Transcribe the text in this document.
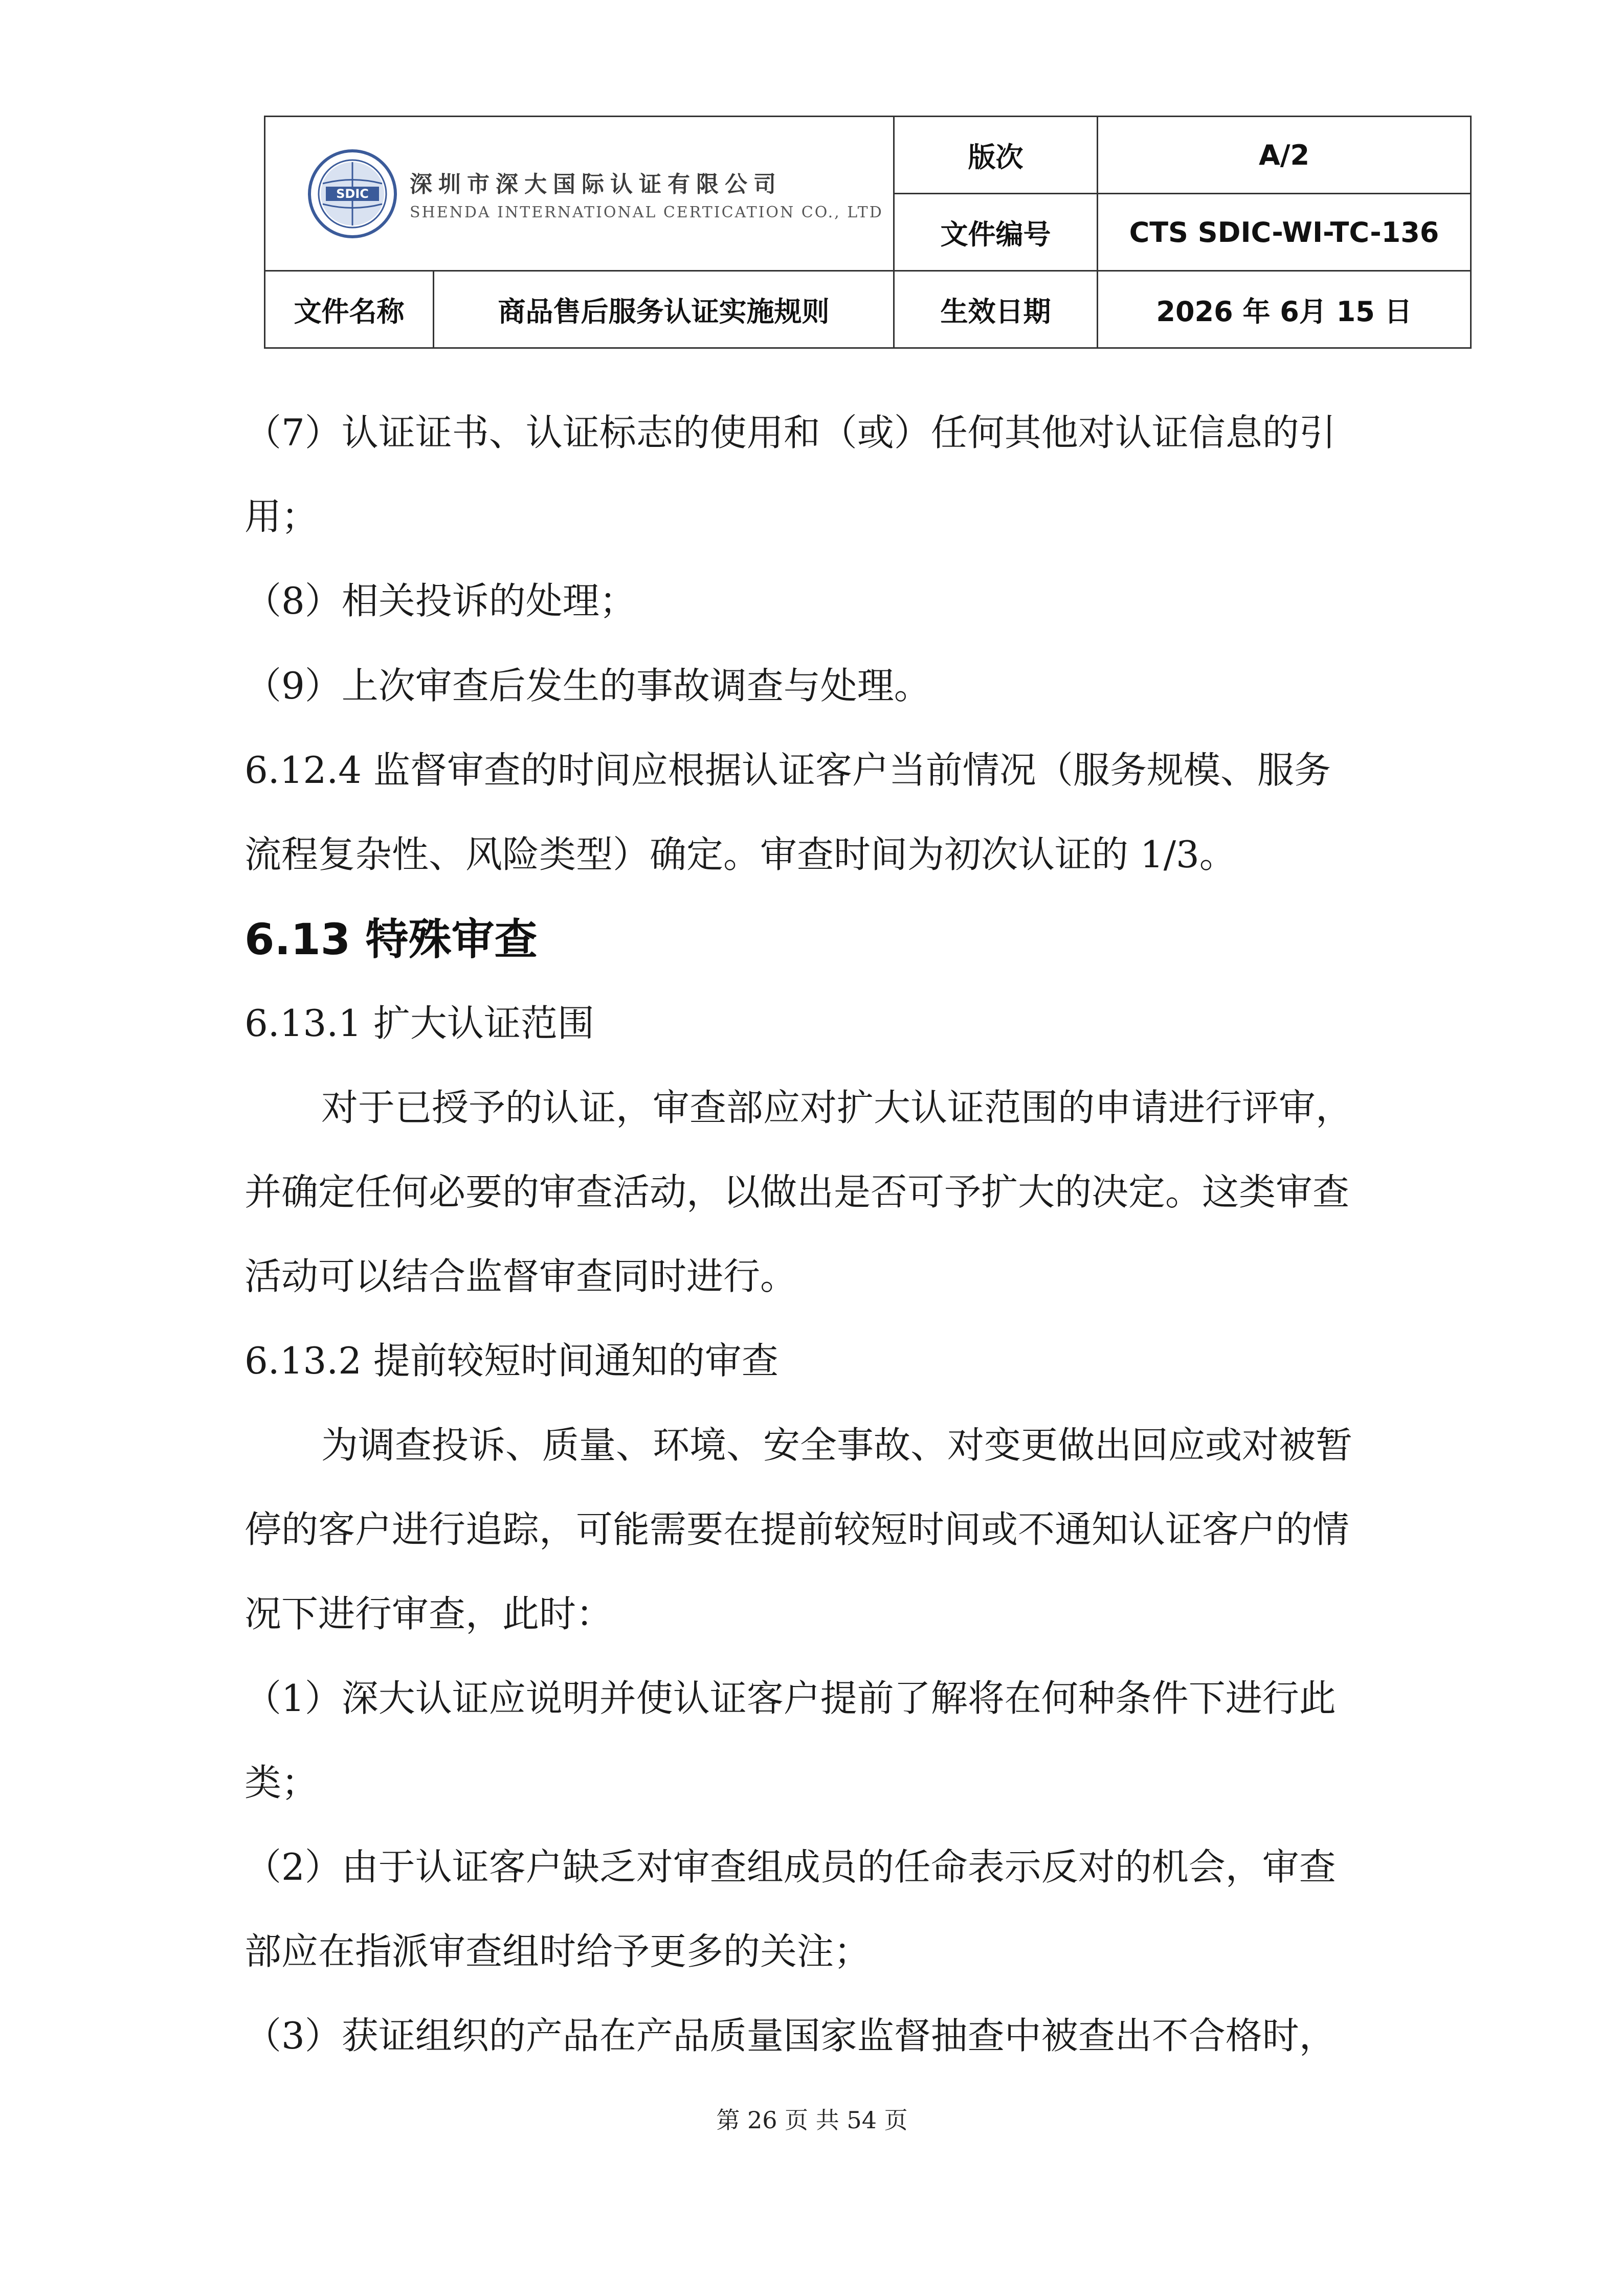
SDIC 深圳市深大国际认证有限公司
SHENDA INTERNATIONAL CERTICATION CO., LTD		版次	A/2
		文件编号	CTS SDIC-WI-TC-136
文件名称	商品售后服务认证实施规则	生效日期	2026 年 6月 15 日
（7）认证证书、认证标志的使用和（或）任何其他对认证信息的引
用；
（8）相关投诉的处理；
（9）上次审查后发生的事故调查与处理。
6.12.4 监督审查的时间应根据认证客户当前情况（服务规模、服务
流程复杂性、风险类型）确定。审查时间为初次认证的 1/3。
6.13 特殊审查
6.13.1 扩大认证范围
对于已授予的认证，审查部应对扩大认证范围的申请进行评审，
并确定任何必要的审查活动，以做出是否可予扩大的决定。这类审查
活动可以结合监督审查同时进行。
6.13.2 提前较短时间通知的审查
为调查投诉、质量、环境、安全事故、对变更做出回应或对被暂
停的客户进行追踪，可能需要在提前较短时间或不通知认证客户的情
况下进行审查，此时：
（1）深大认证应说明并使认证客户提前了解将在何种条件下进行此
类；
（2）由于认证客户缺乏对审查组成员的任命表示反对的机会，审查
部应在指派审查组时给予更多的关注；
（3）获证组织的产品在产品质量国家监督抽查中被查出不合格时，
第 26 页 共 54 页
